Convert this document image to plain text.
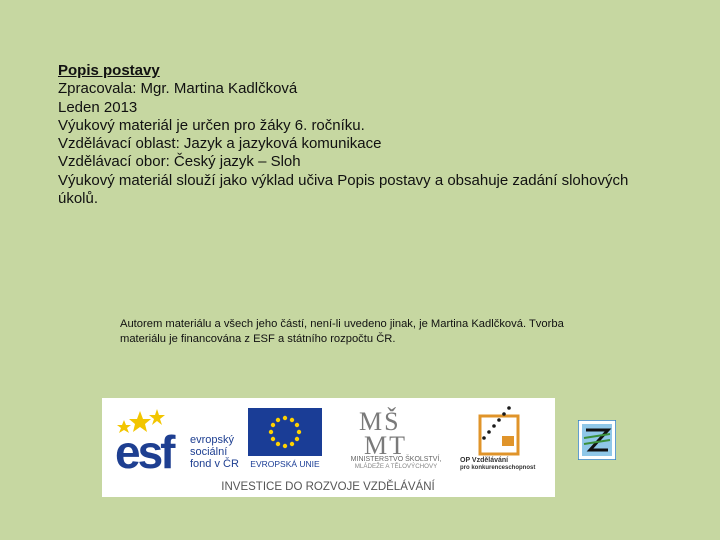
Popis postavy
Zpracovala: Mgr. Martina Kadlčková
Leden 2013
Výukový materiál je určen pro žáky 6. ročníku.
Vzdělávací oblast: Jazyk a jazyková komunikace
Vzdělávací obor: Český jazyk – Sloh
Výukový materiál slouží jako výklad učiva Popis postavy a obsahuje zadání slohových úkolů.
Autorem materiálu a všech jeho částí, není-li uvedeno jinak, je Martina Kadlčková. Tvorba materiálu je financována z ESF a státního rozpočtu ČR.
esf	evropský
sociální
fond v ČR EVROPSKÁ UNIE
MŠ
MT
MINISTERSTVO ŠKOLSTVÍ,
MLÁDEŽE A TĚLOVÝCHOVY
OP Vzdělávání
pro konkurenceschopnost
INVESTICE DO ROZVOJE VZDĚLÁVÁNÍ
